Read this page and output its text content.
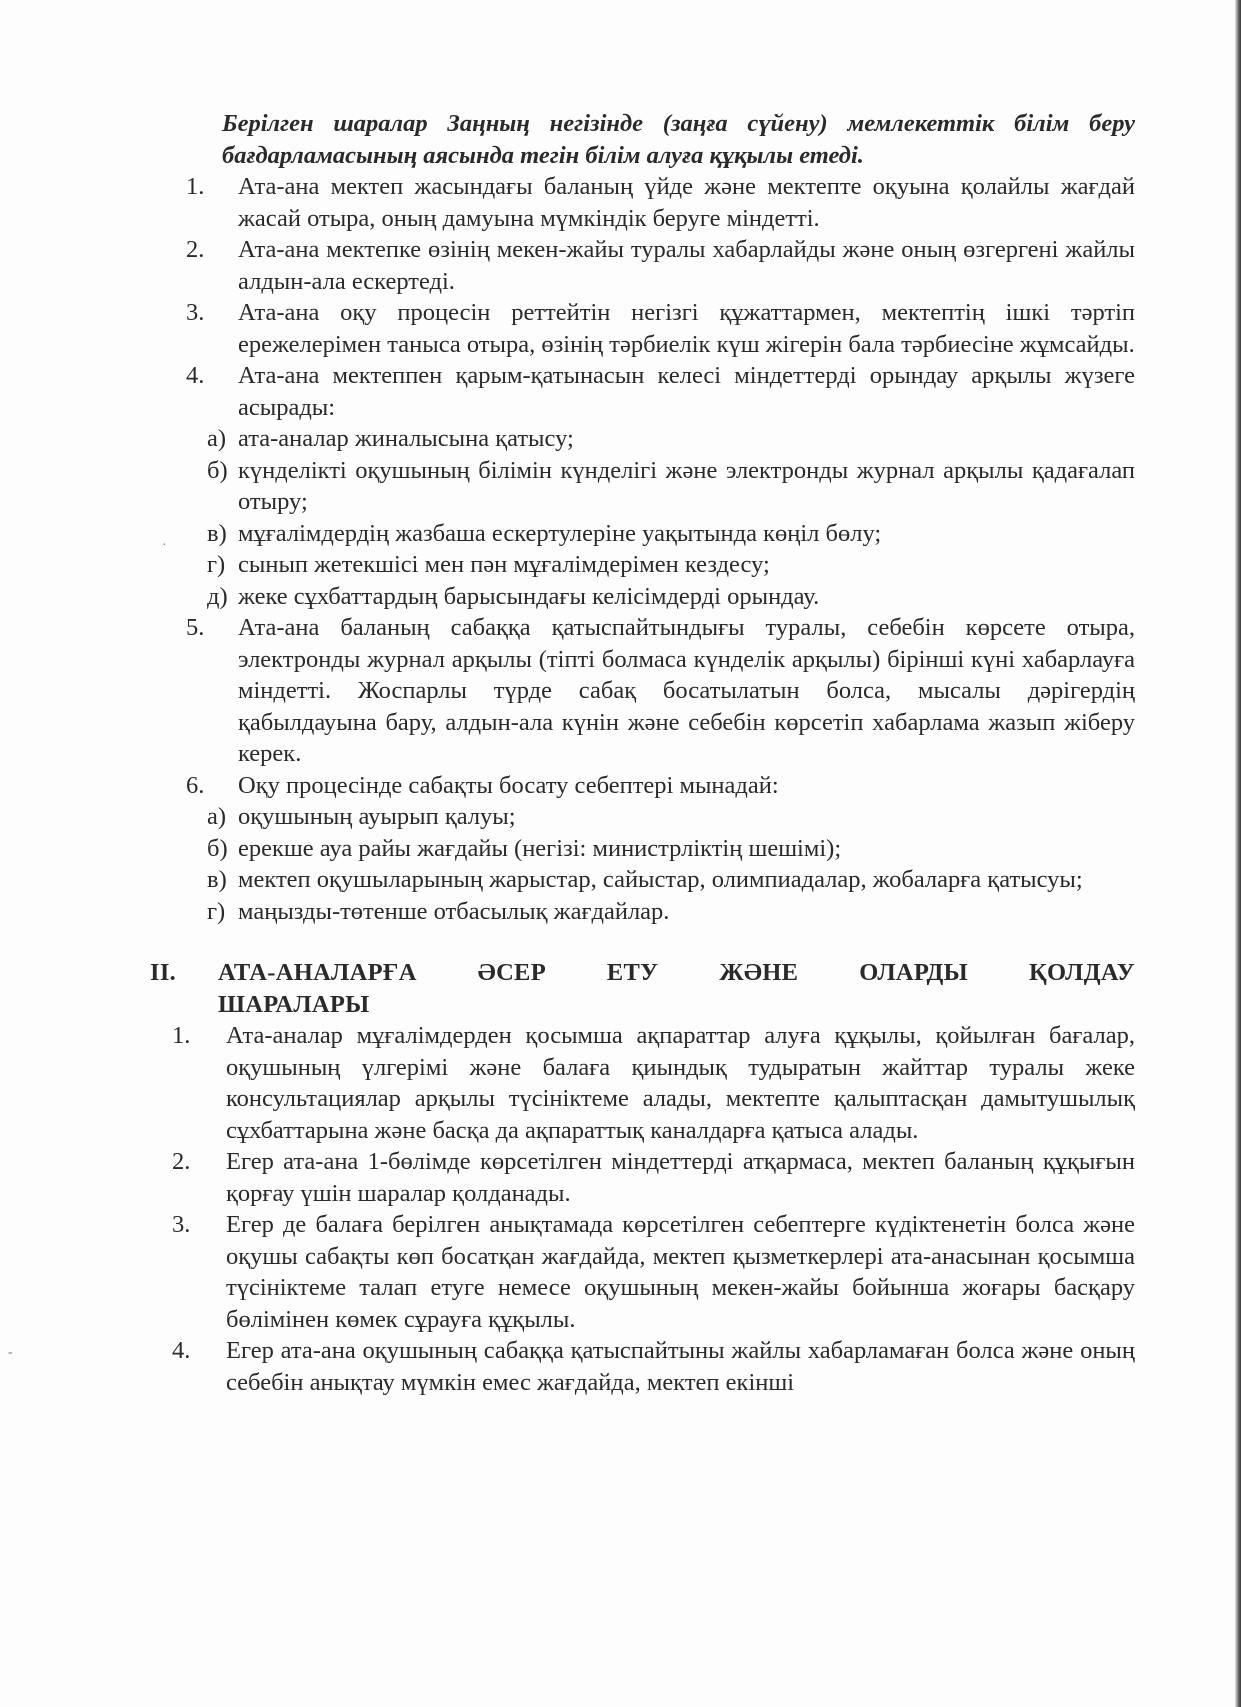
·
-

Берілген шаралар Заңның негізінде (заңға сүйену) мемлекеттік білім беру бағдарламасының аясында тегін білім алуға құқылы етеді.

1. Ата-ана мектеп жасындағы баланың үйде және мектепте оқуына қолайлы жағдай жасай отыра, оның дамуына мүмкіндік беруге міндетті.
2. Ата-ана мектепке өзінің мекен-жайы туралы хабарлайды және оның өзгергені жайлы алдын-ала ескертеді.
3. Ата-ана оқу процесін реттейтін негізгі құжаттармен, мектептің ішкі тәртіп ережелерімен таныса отыра, өзінің тәрбиелік күш жігерін бала тәрбиесіне жұмсайды.
4. Ата-ана мектеппен қарым-қатынасын келесі міндеттерді орындау арқылы жүзеге асырады:
а) ата-аналар жиналысына қатысу;
б) күнделікті оқушының білімін күнделігі және электронды журнал арқылы қадағалап отыру;
в) мұғалімдердің жазбаша ескертулеріне уақытында көңіл бөлу;
г) сынып жетекшісі мен пән мұғалімдерімен кездесу;
д) жеке сұхбаттардың барысындағы келісімдерді орындау.
5. Ата-ана баланың сабаққа қатыспайтындығы туралы, себебін көрсете отыра, электронды журнал арқылы (тіпті болмаса күнделік арқылы) бірінші күні хабарлауға міндетті. Жоспарлы түрде сабақ босатылатын болса, мысалы дәрігердің қабылдауына бару, алдын-ала күнін және себебін көрсетіп хабарлама жазып жіберу керек.
6. Оқу процесінде сабақты босату себептері мынадай:
а) оқушының ауырып қалуы;
б) ерекше ауа райы жағдайы (негізі: министрліктің шешімі);
в) мектеп оқушыларының жарыстар, сайыстар, олимпиадалар, жобаларға қатысуы;
г) маңызды-төтенше отбасылық жағдайлар.
II. АТА-АНАЛАРҒА ӘСЕР ЕТУ ЖӘНЕ ОЛАРДЫ ҚОЛДАУ
ШАРАЛАРЫ
1. Ата-аналар мұғалімдерден қосымша ақпараттар алуға құқылы, қойылған бағалар, оқушының үлгерімі және балаға қиындық тудыратын жайттар туралы жеке консультациялар арқылы түсініктеме алады, мектепте қалыптасқан дамытушылық сұхбаттарына және басқа да ақпараттық каналдарға қатыса алады.
2. Егер ата-ана 1-бөлімде көрсетілген міндеттерді атқармаса, мектеп баланың құқығын қорғау үшін шаралар қолданады.
3. Егер де балаға берілген анықтамада көрсетілген себептерге күдіктенетін болса және оқушы сабақты көп босатқан жағдайда, мектеп қызметкерлері ата-анасынан қосымша түсініктеме талап етуге немесе оқушының мекен-жайы бойынша жоғары басқару бөлімінен көмек сұрауға құқылы.
4. Егер ата-ана оқушының сабаққа қатыспайтыны жайлы хабарламаған болса және оның себебін анықтау мүмкін емес жағдайда, мектеп екінші
